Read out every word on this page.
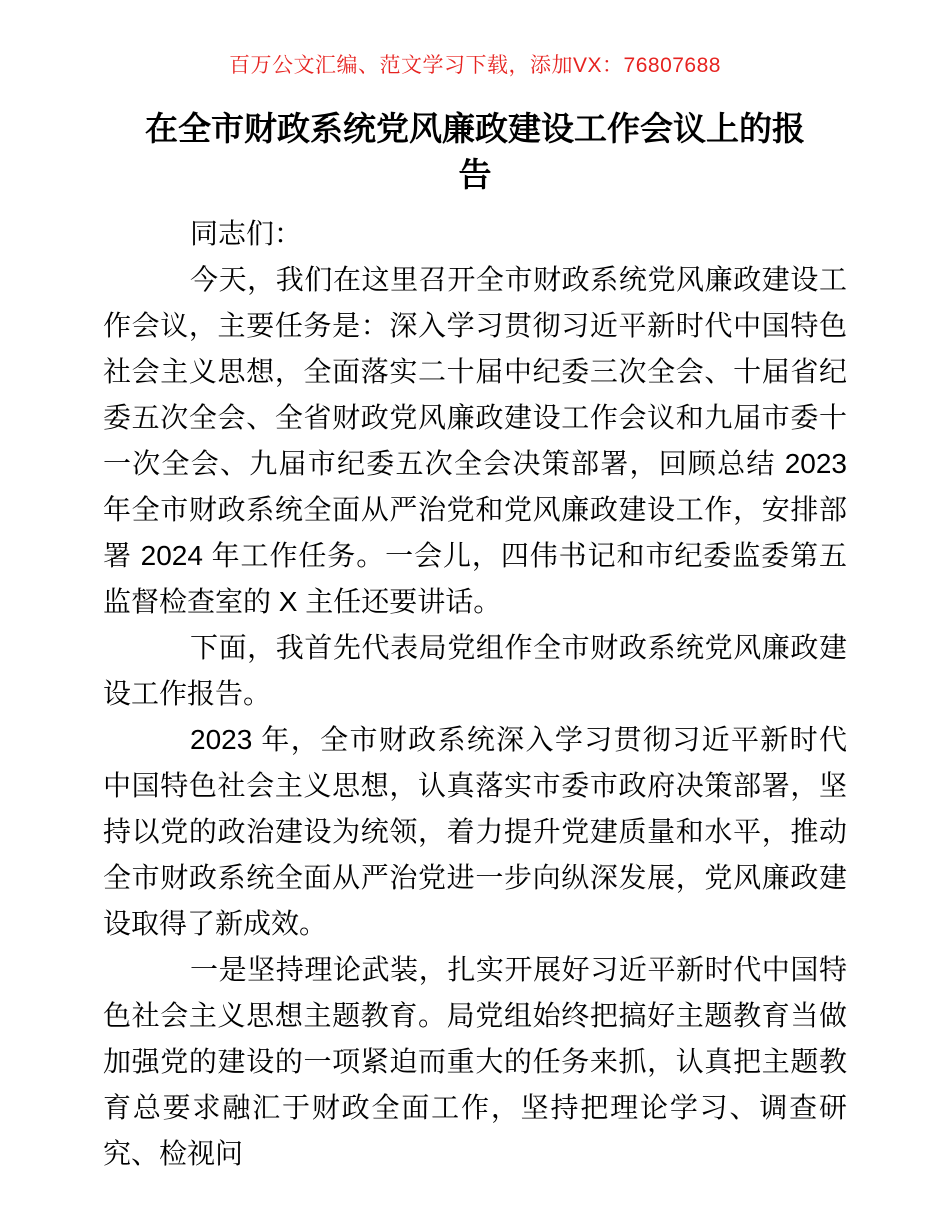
百万公文汇编、范文学习下载，添加VX：76807688
在全市财政系统党风廉政建设工作会议上的报告

同志们：

今天，我们在这里召开全市财政系统党风廉政建设工作会议，主要任务是：深入学习贯彻习近平新时代中国特色社会主义思想，全面落实二十届中纪委三次全会、十届省纪委五次全会、全省财政党风廉政建设工作会议和九届市委十一次全会、九届市纪委五次全会决策部署，回顾总结 2023 年全市财政系统全面从严治党和党风廉政建设工作，安排部署 2024 年工作任务。一会儿，四伟书记和市纪委监委第五监督检查室的 X 主任还要讲话。

下面，我首先代表局党组作全市财政系统党风廉政建设工作报告。

2023 年，全市财政系统深入学习贯彻习近平新时代中国特色社会主义思想，认真落实市委市政府决策部署，坚持以党的政治建设为统领，着力提升党建质量和水平，推动全市财政系统全面从严治党进一步向纵深发展，党风廉政建设取得了新成效。

一是坚持理论武装，扎实开展好习近平新时代中国特色社会主义思想主题教育。局党组始终把搞好主题教育当做加强党的建设的一项紧迫而重大的任务来抓，认真把主题教育总要求融汇于财政全面工作，坚持把理论学习、调查研究、检视问
